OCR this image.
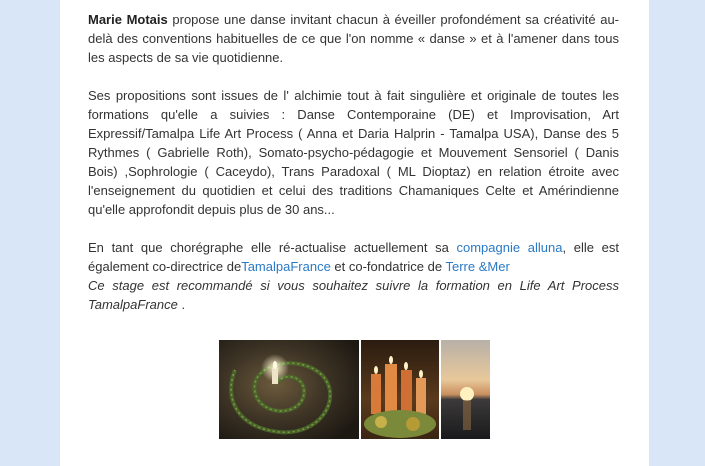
Marie Motais propose une danse invitant chacun à éveiller profondément sa créativité au-delà des conventions habituelles de ce que l'on nomme « danse » et à l'amener dans tous les aspects de sa vie quotidienne.

Ses propositions sont issues de l' alchimie tout à fait singulière et originale de toutes les formations qu'elle a suivies : Danse Contemporaine (DE) et Improvisation, Art Expressif/Tamalpa Life Art Process ( Anna et Daria Halprin - Tamalpa USA), Danse des 5 Rythmes ( Gabrielle Roth), Somato-psycho-pédagogie et Mouvement Sensoriel ( Danis Bois) ,Sophrologie ( Caceydo), Trans Paradoxal ( ML Dioptaz) en relation étroite avec l'enseignement du quotidien et celui des traditions Chamaniques Celte et Amérindienne qu'elle approfondit depuis plus de 30 ans...

En tant que chorégraphe elle ré-actualise actuellement sa compagnie alluna, elle est également co-directrice deTamalpaFrance et co-fondatrice de Terre &Mer
Ce stage est recommandé si vous souhaitez suivre la formation en Life Art Process TamalpaFrance .
